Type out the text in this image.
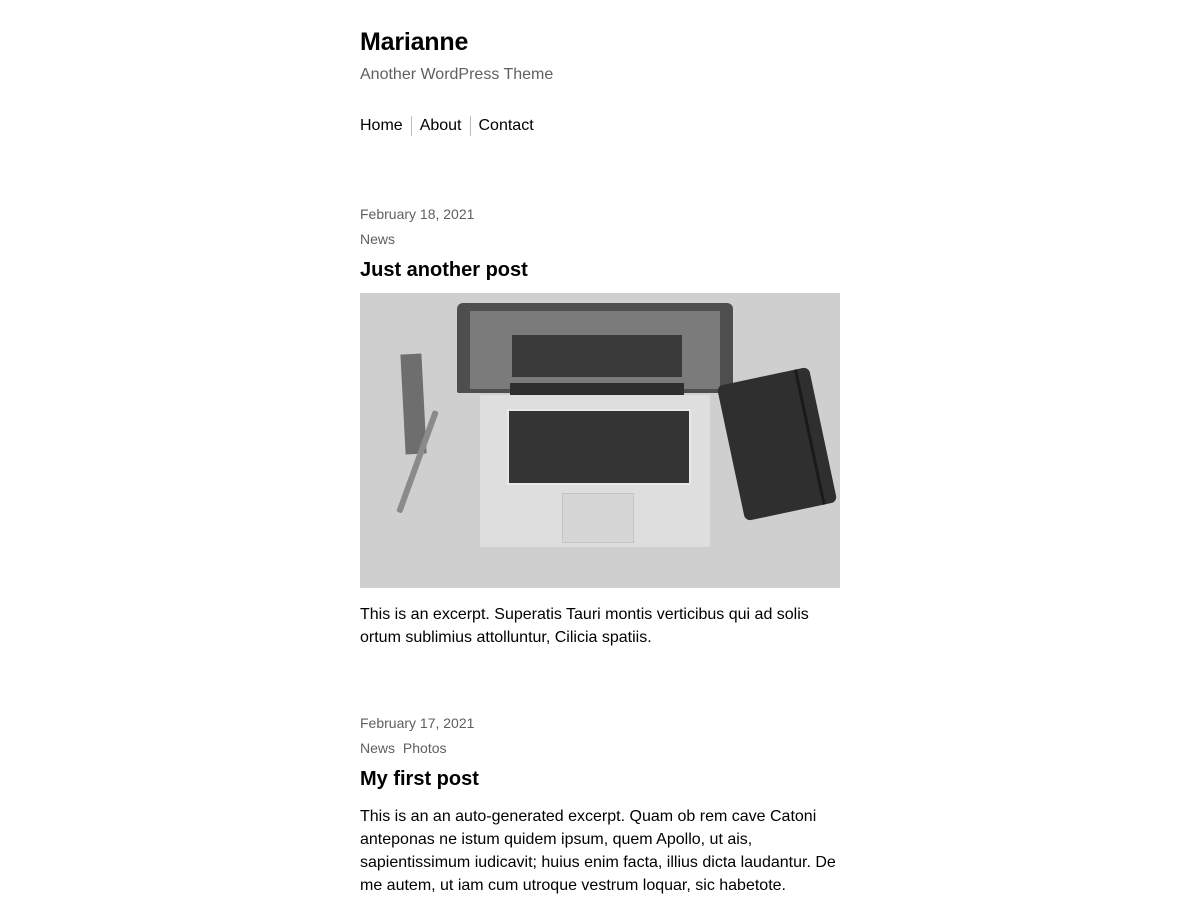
Marianne
Another WordPress Theme
Home	About	Contact
February 18, 2021
News
Just another post
This is an excerpt. Superatis Tauri montis verticibus qui ad solis ortum sublimius attolluntur, Cilicia spatiis.
February 17, 2021
News Photos
My first post
This is an an auto-generated excerpt. Quam ob rem cave Catoni anteponas ne istum quidem ipsum, quem Apollo, ut ais, sapientissimum iudicavit; huius enim facta, illius dicta laudantur. De me autem, ut iam cum utroque vestrum loquar, sic habetote.
